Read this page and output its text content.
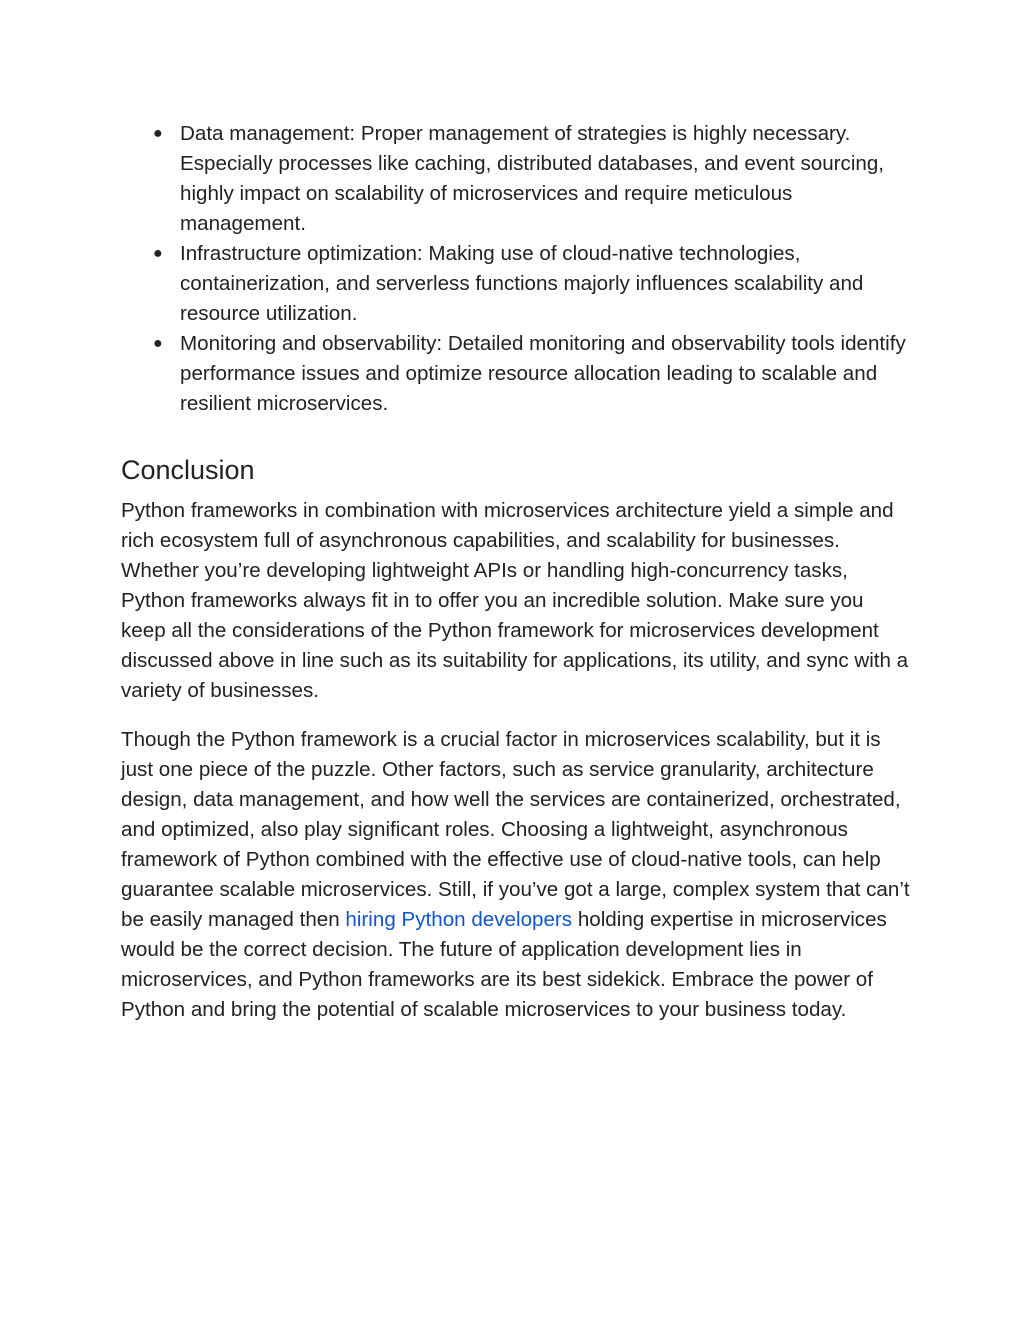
● Data management: Proper management of strategies is highly necessary. Especially processes like caching, distributed databases, and event sourcing, highly impact on scalability of microservices and require meticulous management.
● Infrastructure optimization: Making use of cloud-native technologies, containerization, and serverless functions majorly influences scalability and resource utilization.
● Monitoring and observability: Detailed monitoring and observability tools identify performance issues and optimize resource allocation leading to scalable and resilient microservices.
Conclusion

Python frameworks in combination with microservices architecture yield a simple and rich ecosystem full of asynchronous capabilities, and scalability for businesses. Whether you’re developing lightweight APIs or handling high-concurrency tasks, Python frameworks always fit in to offer you an incredible solution. Make sure you keep all the considerations of the Python framework for microservices development discussed above in line such as its suitability for applications, its utility, and sync with a variety of businesses.

Though the Python framework is a crucial factor in microservices scalability, but it is just one piece of the puzzle. Other factors, such as service granularity, architecture design, data management, and how well the services are containerized, orchestrated, and optimized, also play significant roles. Choosing a lightweight, asynchronous framework of Python combined with the effective use of cloud-native tools, can help guarantee scalable microservices. Still, if you’ve got a large, complex system that can’t be easily managed then hiring Python developers holding expertise in microservices would be the correct decision. The future of application development lies in microservices, and Python frameworks are its best sidekick. Embrace the power of Python and bring the potential of scalable microservices to your business today.
